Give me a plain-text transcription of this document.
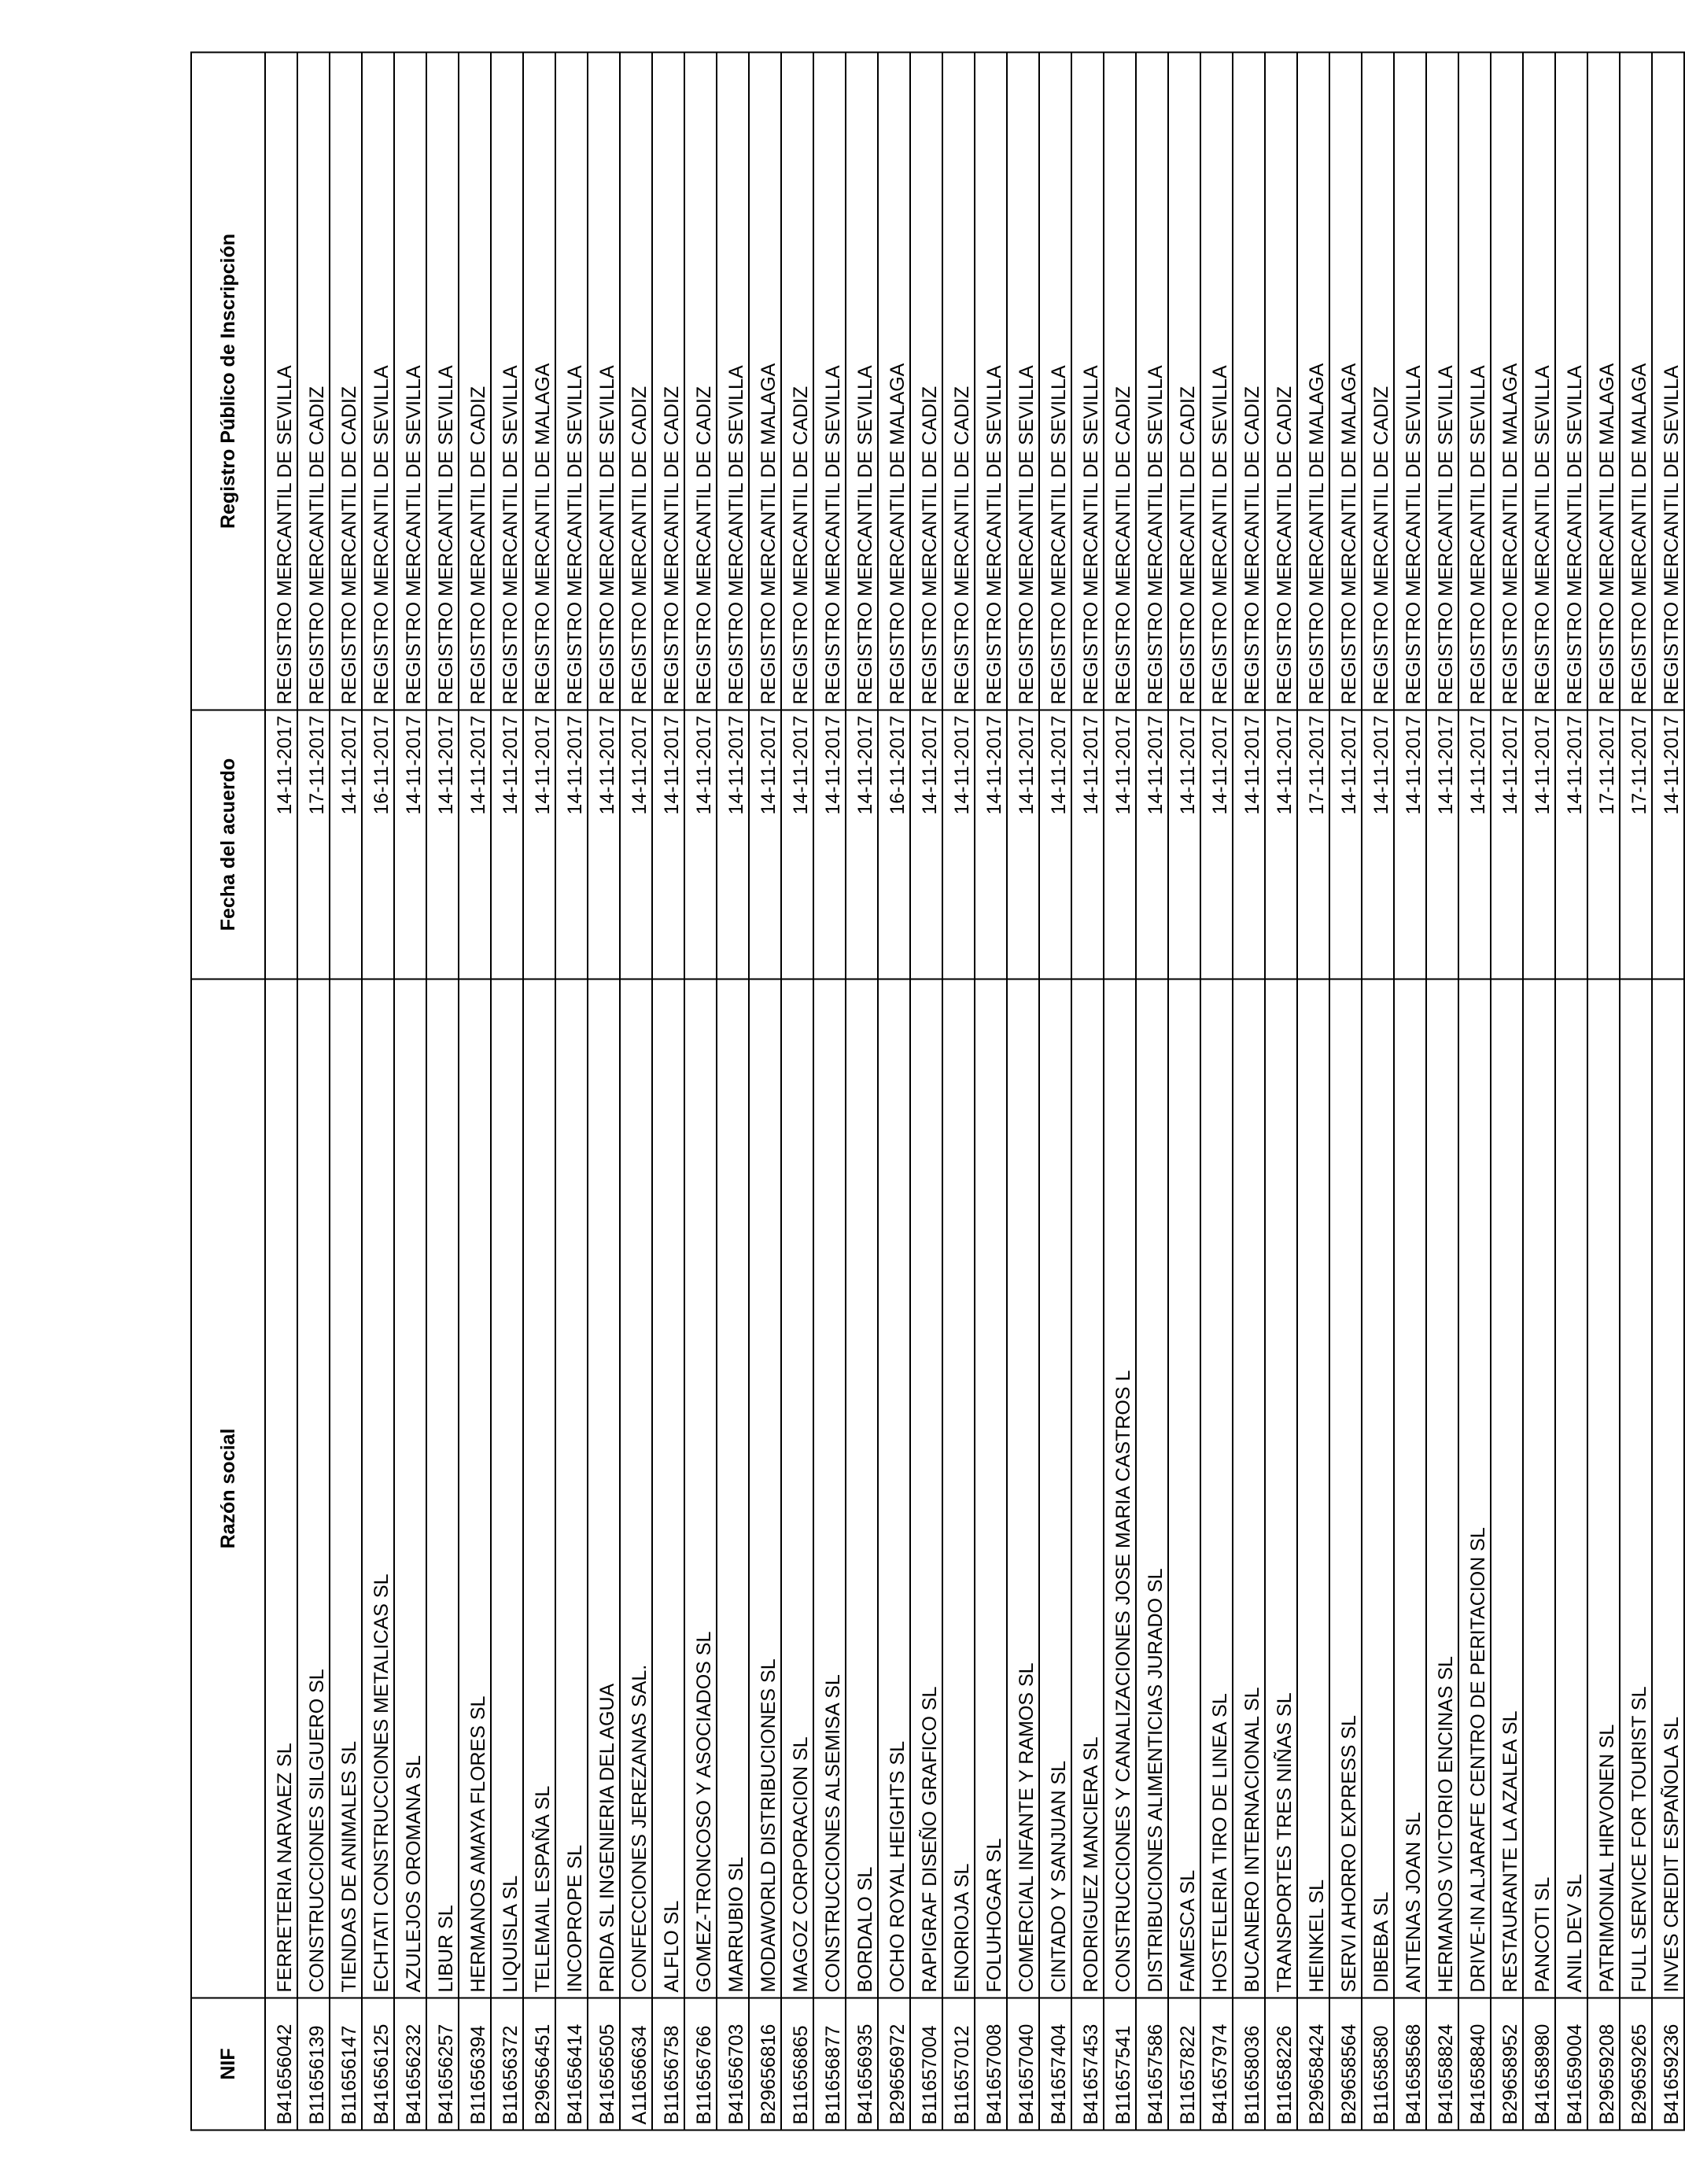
NIF	Razón social	Fecha del acuerdo	Registro Público de Inscripción
B41656042	FERRETERIA NARVAEZ SL	14-11-2017	REGISTRO MERCANTIL DE SEVILLA
B11656139	CONSTRUCCIONES SILGUERO SL	17-11-2017	REGISTRO MERCANTIL DE CADIZ
B11656147	TIENDAS DE ANIMALES SL	14-11-2017	REGISTRO MERCANTIL DE CADIZ
B41656125	ECHTATI CONSTRUCCIONES METALICAS SL	16-11-2017	REGISTRO MERCANTIL DE SEVILLA
B41656232	AZULEJOS OROMANA SL	14-11-2017	REGISTRO MERCANTIL DE SEVILLA
B41656257	LIBUR SL	14-11-2017	REGISTRO MERCANTIL DE SEVILLA
B11656394	HERMANOS AMAYA FLORES SL	14-11-2017	REGISTRO MERCANTIL DE CADIZ
B11656372	LIQUISLA SL	14-11-2017	REGISTRO MERCANTIL DE SEVILLA
B29656451	TELEMAIL ESPAÑA SL	14-11-2017	REGISTRO MERCANTIL DE MALAGA
B41656414	INCOPROPE SL	14-11-2017	REGISTRO MERCANTIL DE SEVILLA
B41656505	PRIDA SL INGENIERIA DEL AGUA	14-11-2017	REGISTRO MERCANTIL DE SEVILLA
A11656634	CONFECCIONES JEREZANAS SAL.	14-11-2017	REGISTRO MERCANTIL DE CADIZ
B11656758	ALFLO SL	14-11-2017	REGISTRO MERCANTIL DE CADIZ
B11656766	GOMEZ-TRONCOSO Y ASOCIADOS SL	14-11-2017	REGISTRO MERCANTIL DE CADIZ
B41656703	MARRUBIO SL	14-11-2017	REGISTRO MERCANTIL DE SEVILLA
B29656816	MODAWORLD DISTRIBUCIONES SL	14-11-2017	REGISTRO MERCANTIL DE MALAGA
B11656865	MAGOZ CORPORACION SL	14-11-2017	REGISTRO MERCANTIL DE CADIZ
B11656877	CONSTRUCCIONES ALSEMISA SL	14-11-2017	REGISTRO MERCANTIL DE SEVILLA
B41656935	BORDALO SL	14-11-2017	REGISTRO MERCANTIL DE SEVILLA
B29656972	OCHO ROYAL HEIGHTS SL	16-11-2017	REGISTRO MERCANTIL DE MALAGA
B11657004	RAPIGRAF DISEÑO GRAFICO SL	14-11-2017	REGISTRO MERCANTIL DE CADIZ
B11657012	ENORIOJA SL	14-11-2017	REGISTRO MERCANTIL DE CADIZ
B41657008	FOLUHOGAR SL	14-11-2017	REGISTRO MERCANTIL DE SEVILLA
B41657040	COMERCIAL INFANTE Y RAMOS SL	14-11-2017	REGISTRO MERCANTIL DE SEVILLA
B41657404	CINTADO Y SANJUAN SL	14-11-2017	REGISTRO MERCANTIL DE SEVILLA
B41657453	RODRIGUEZ MANCIERA SL	14-11-2017	REGISTRO MERCANTIL DE SEVILLA
B11657541	CONSTRUCCIONES Y CANALIZACIONES JOSE MARIA CASTROS L	14-11-2017	REGISTRO MERCANTIL DE CADIZ
B41657586	DISTRIBUCIONES ALIMENTICIAS JURADO SL	14-11-2017	REGISTRO MERCANTIL DE SEVILLA
B11657822	FAMESCA SL	14-11-2017	REGISTRO MERCANTIL DE CADIZ
B41657974	HOSTELERIA TIRO DE LINEA SL	14-11-2017	REGISTRO MERCANTIL DE SEVILLA
B11658036	BUCANERO INTERNACIONAL SL	14-11-2017	REGISTRO MERCANTIL DE CADIZ
B11658226	TRANSPORTES TRES NIÑAS SL	14-11-2017	REGISTRO MERCANTIL DE CADIZ
B29658424	HEINKEL SL	17-11-2017	REGISTRO MERCANTIL DE MALAGA
B29658564	SERVI AHORRO EXPRESS SL	14-11-2017	REGISTRO MERCANTIL DE MALAGA
B11658580	DIBEBA SL	14-11-2017	REGISTRO MERCANTIL DE CADIZ
B41658568	ANTENAS JOAN SL	14-11-2017	REGISTRO MERCANTIL DE SEVILLA
B41658824	HERMANOS VICTORIO ENCINAS SL	14-11-2017	REGISTRO MERCANTIL DE SEVILLA
B41658840	DRIVE-IN ALJARAFE CENTRO DE PERITACION SL	14-11-2017	REGISTRO MERCANTIL DE SEVILLA
B29658952	RESTAURANTE LA AZALEA SL	14-11-2017	REGISTRO MERCANTIL DE MALAGA
B41658980	PANCOTI SL	14-11-2017	REGISTRO MERCANTIL DE SEVILLA
B41659004	ANIL DEV SL	14-11-2017	REGISTRO MERCANTIL DE SEVILLA
B29659208	PATRIMONIAL HIRVONEN SL	17-11-2017	REGISTRO MERCANTIL DE MALAGA
B29659265	FULL SERVICE FOR TOURIST SL	17-11-2017	REGISTRO MERCANTIL DE MALAGA
B41659236	INVES CREDIT ESPAÑOLA SL	14-11-2017	REGISTRO MERCANTIL DE SEVILLA
